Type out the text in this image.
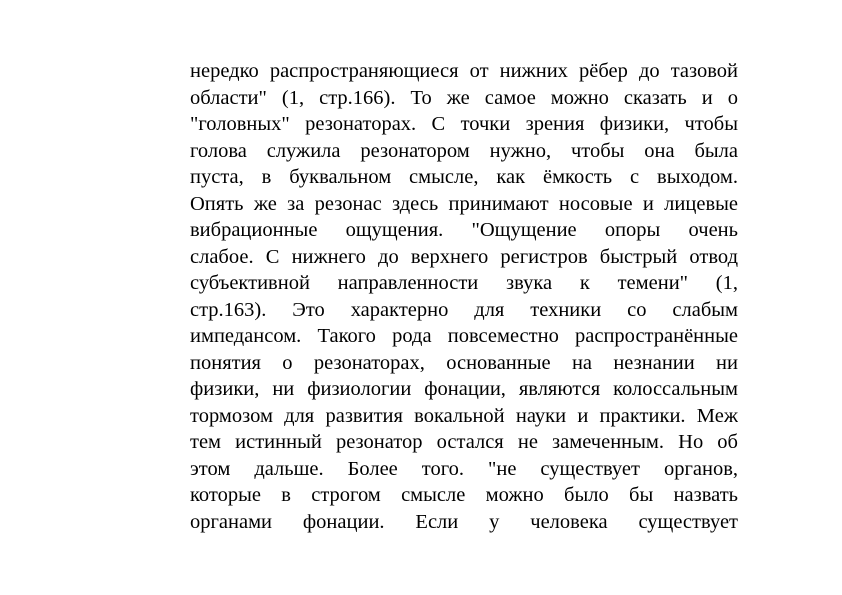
нередко распространяющиеся от нижних рёбер до тазовой
области" (1, стр.166). То же самое можно сказать и о
"головных" резонаторах. С точки зрения физики, чтобы
голова служила резонатором нужно, чтобы она была
пуста, в буквальном смысле, как ёмкость с выходом.
Опять же за резонас здесь принимают носовые и лицевые
вибрационные ощущения. "Ощущение опоры очень
слабое. С нижнего до верхнего регистров быстрый отвод
субъективной направленности звука к темени" (1,
стр.163). Это характерно для техники со слабым
импедансом. Такого рода повсеместно распространённые
понятия о резонаторах, основанные на незнании ни
физики, ни физиологии фонации, являются колоссальным
тормозом для развития вокальной науки и практики. Меж
тем истинный резонатор остался не замеченным. Но об
этом дальше. Более того. "не существует органов,
которые в строгом смысле можно было бы назвать
органами фонации. Если у человека существует
